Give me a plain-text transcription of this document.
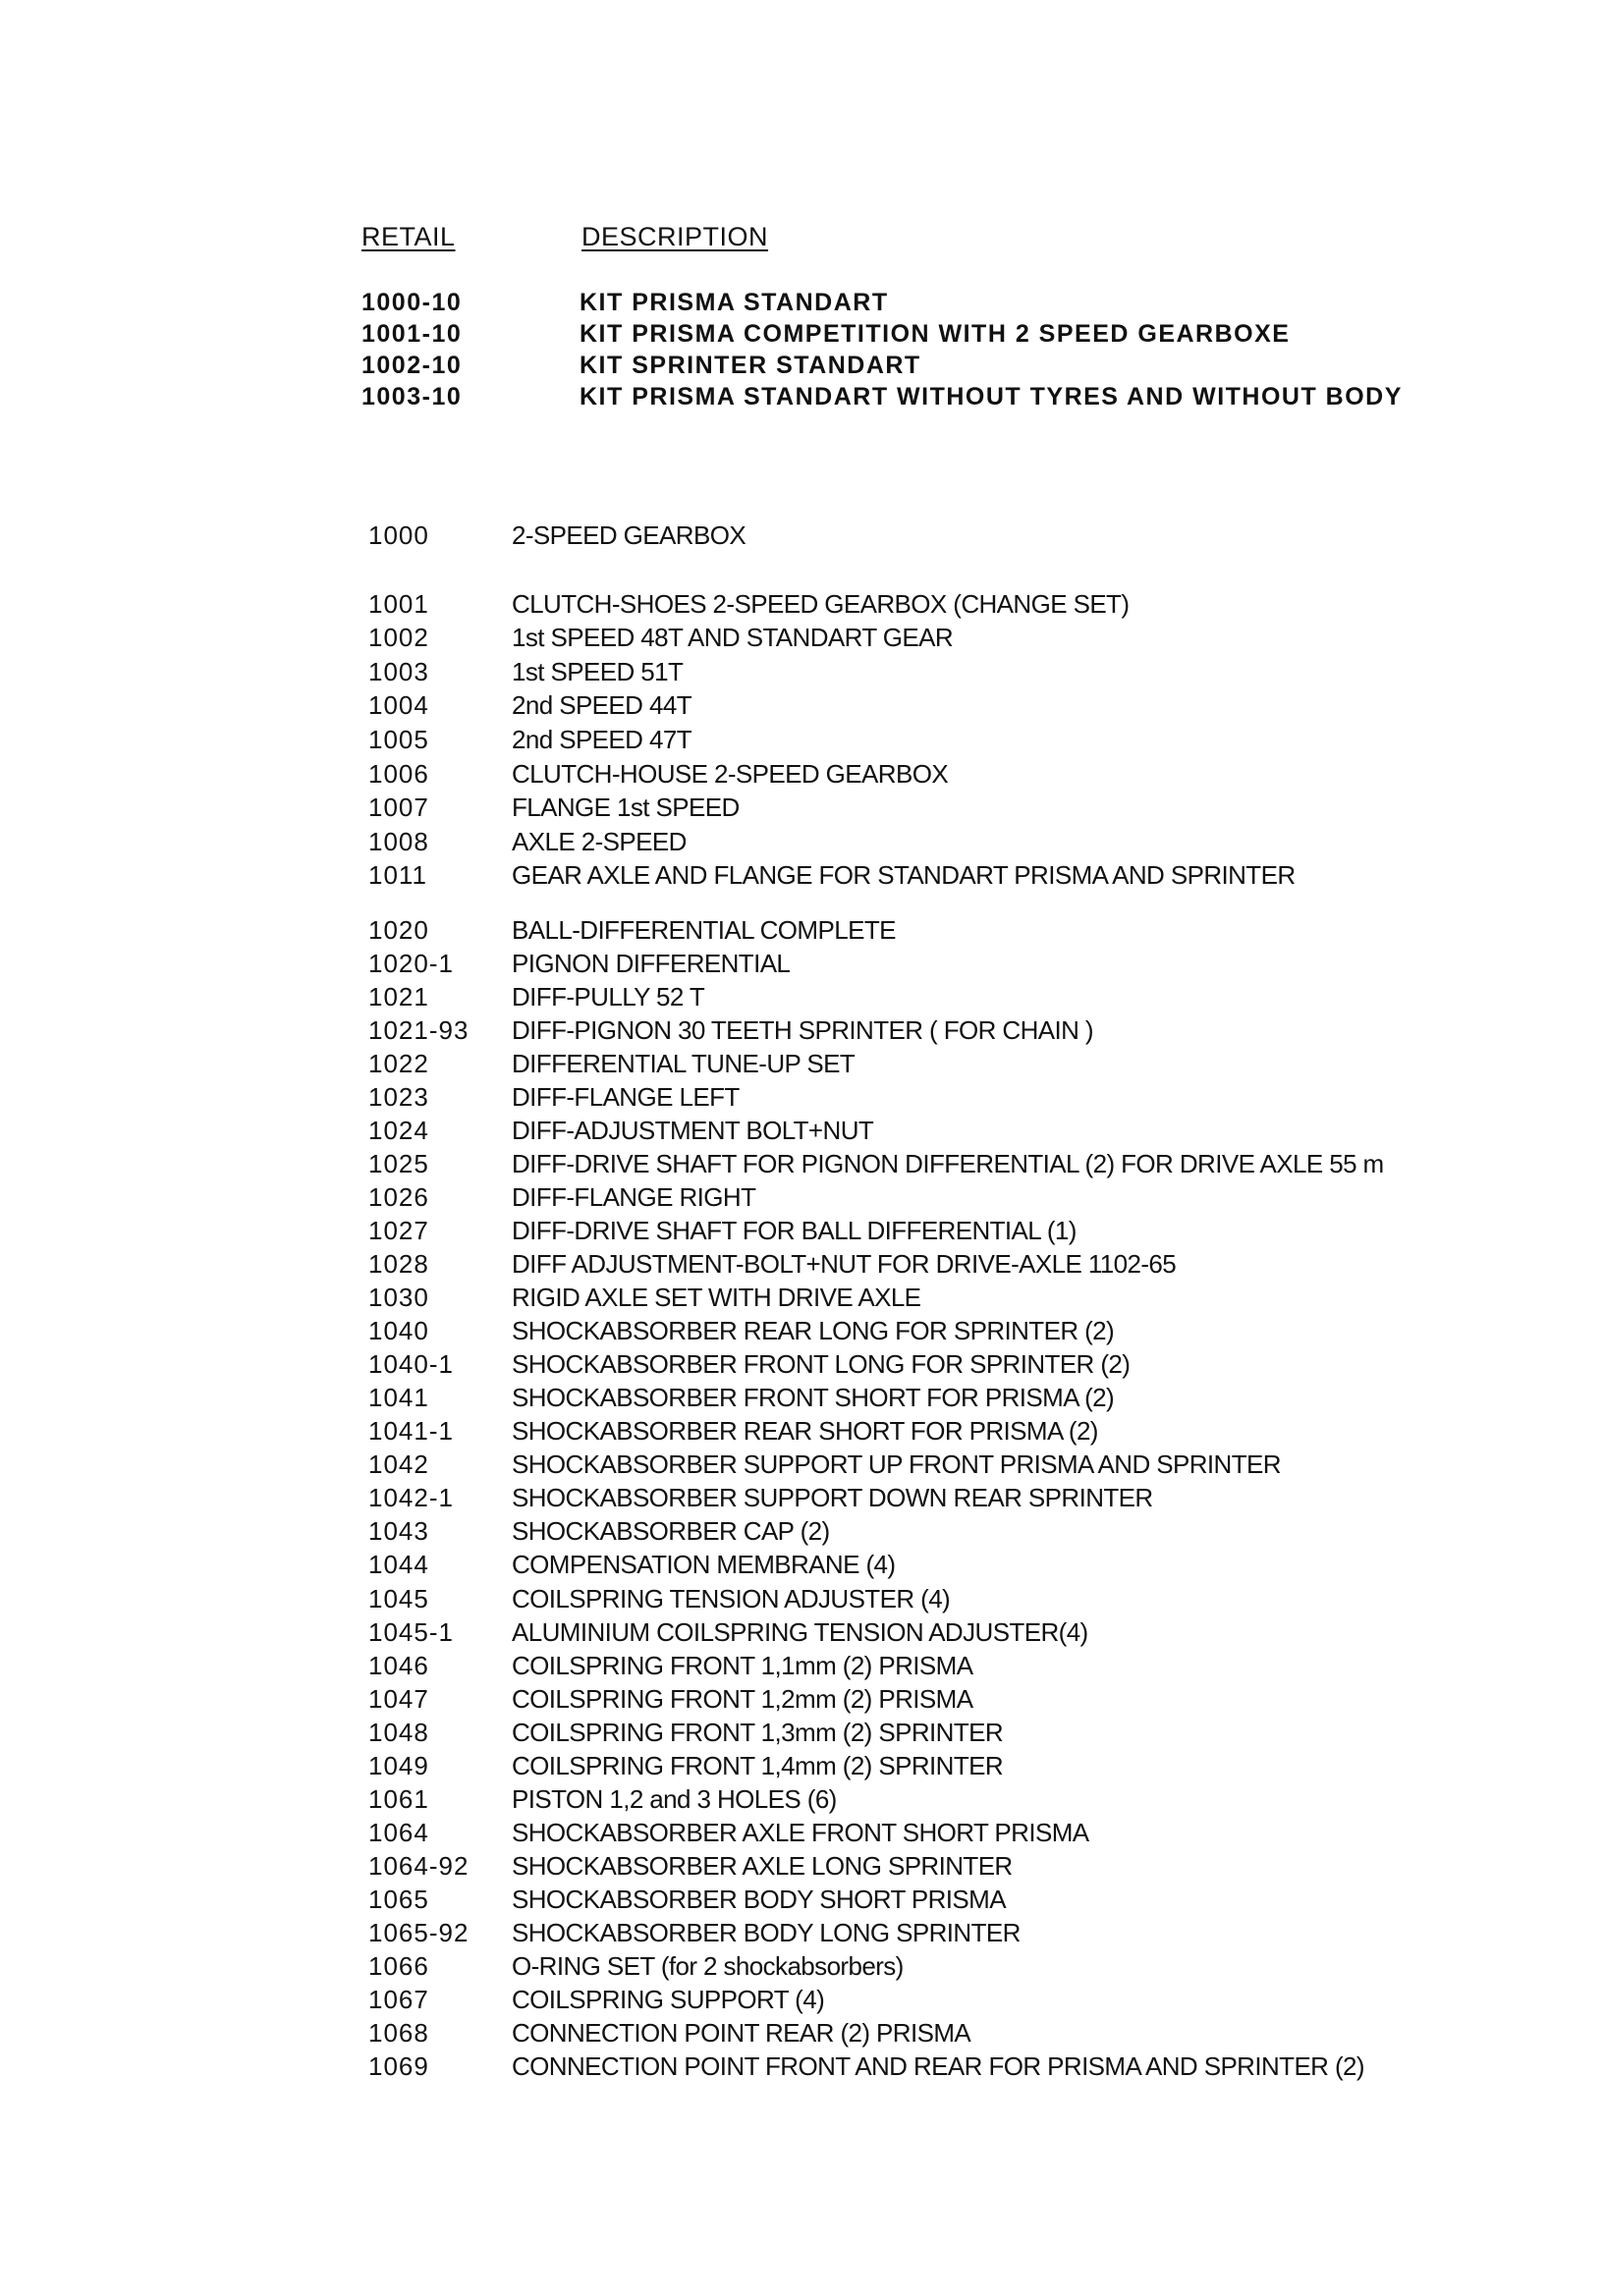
RETAIL	DESCRIPTION
1000-10	KIT PRISMA STANDART
1001-10	KIT PRISMA COMPETITION WITH 2 SPEED GEARBOXE
1002-10	KIT SPRINTER STANDART
1003-10	KIT PRISMA STANDART WITHOUT TYRES AND WITHOUT BODY
1000	2-SPEED GEARBOX
1001	CLUTCH-SHOES 2-SPEED GEARBOX (CHANGE SET)
1002	1st SPEED 48T AND STANDART GEAR
1003	1st SPEED 51T
1004	2nd SPEED 44T
1005	2nd SPEED 47T
1006	CLUTCH-HOUSE 2-SPEED GEARBOX
1007	FLANGE 1st SPEED
1008	AXLE 2-SPEED
1011	GEAR AXLE AND FLANGE FOR STANDART PRISMA AND SPRINTER
1020	BALL-DIFFERENTIAL COMPLETE
1020-1	PIGNON DIFFERENTIAL
1021	DIFF-PULLY 52 T
1021-93	DIFF-PIGNON 30 TEETH SPRINTER ( FOR CHAIN )
1022	DIFFERENTIAL TUNE-UP SET
1023	DIFF-FLANGE LEFT
1024	DIFF-ADJUSTMENT BOLT+NUT
1025	DIFF-DRIVE SHAFT FOR PIGNON DIFFERENTIAL (2) FOR DRIVE AXLE 55 m
1026	DIFF-FLANGE RIGHT
1027	DIFF-DRIVE SHAFT FOR BALL DIFFERENTIAL (1)
1028	DIFF ADJUSTMENT-BOLT+NUT FOR DRIVE-AXLE 1102-65
1030	RIGID AXLE SET WITH DRIVE AXLE
1040	SHOCKABSORBER REAR LONG FOR SPRINTER (2)
1040-1	SHOCKABSORBER FRONT LONG FOR SPRINTER (2)
1041	SHOCKABSORBER FRONT SHORT FOR PRISMA (2)
1041-1	SHOCKABSORBER REAR SHORT FOR PRISMA (2)
1042	SHOCKABSORBER SUPPORT UP FRONT PRISMA AND SPRINTER
1042-1	SHOCKABSORBER SUPPORT DOWN REAR SPRINTER
1043	SHOCKABSORBER CAP (2)
1044	COMPENSATION MEMBRANE (4)
1045	COILSPRING TENSION ADJUSTER (4)
1045-1	ALUMINIUM COILSPRING TENSION ADJUSTER(4)
1046	COILSPRING FRONT 1,1mm (2) PRISMA
1047	COILSPRING FRONT 1,2mm (2) PRISMA
1048	COILSPRING FRONT 1,3mm (2) SPRINTER
1049	COILSPRING FRONT 1,4mm (2) SPRINTER
1061	PISTON 1,2 and 3 HOLES (6)
1064	SHOCKABSORBER AXLE FRONT SHORT PRISMA
1064-92	SHOCKABSORBER AXLE LONG SPRINTER
1065	SHOCKABSORBER BODY SHORT PRISMA
1065-92	SHOCKABSORBER BODY LONG SPRINTER
1066	O-RING SET (for 2 shockabsorbers)
1067	COILSPRING SUPPORT (4)
1068	CONNECTION POINT REAR (2) PRISMA
1069	CONNECTION POINT FRONT AND REAR FOR PRISMA AND SPRINTER (2)
